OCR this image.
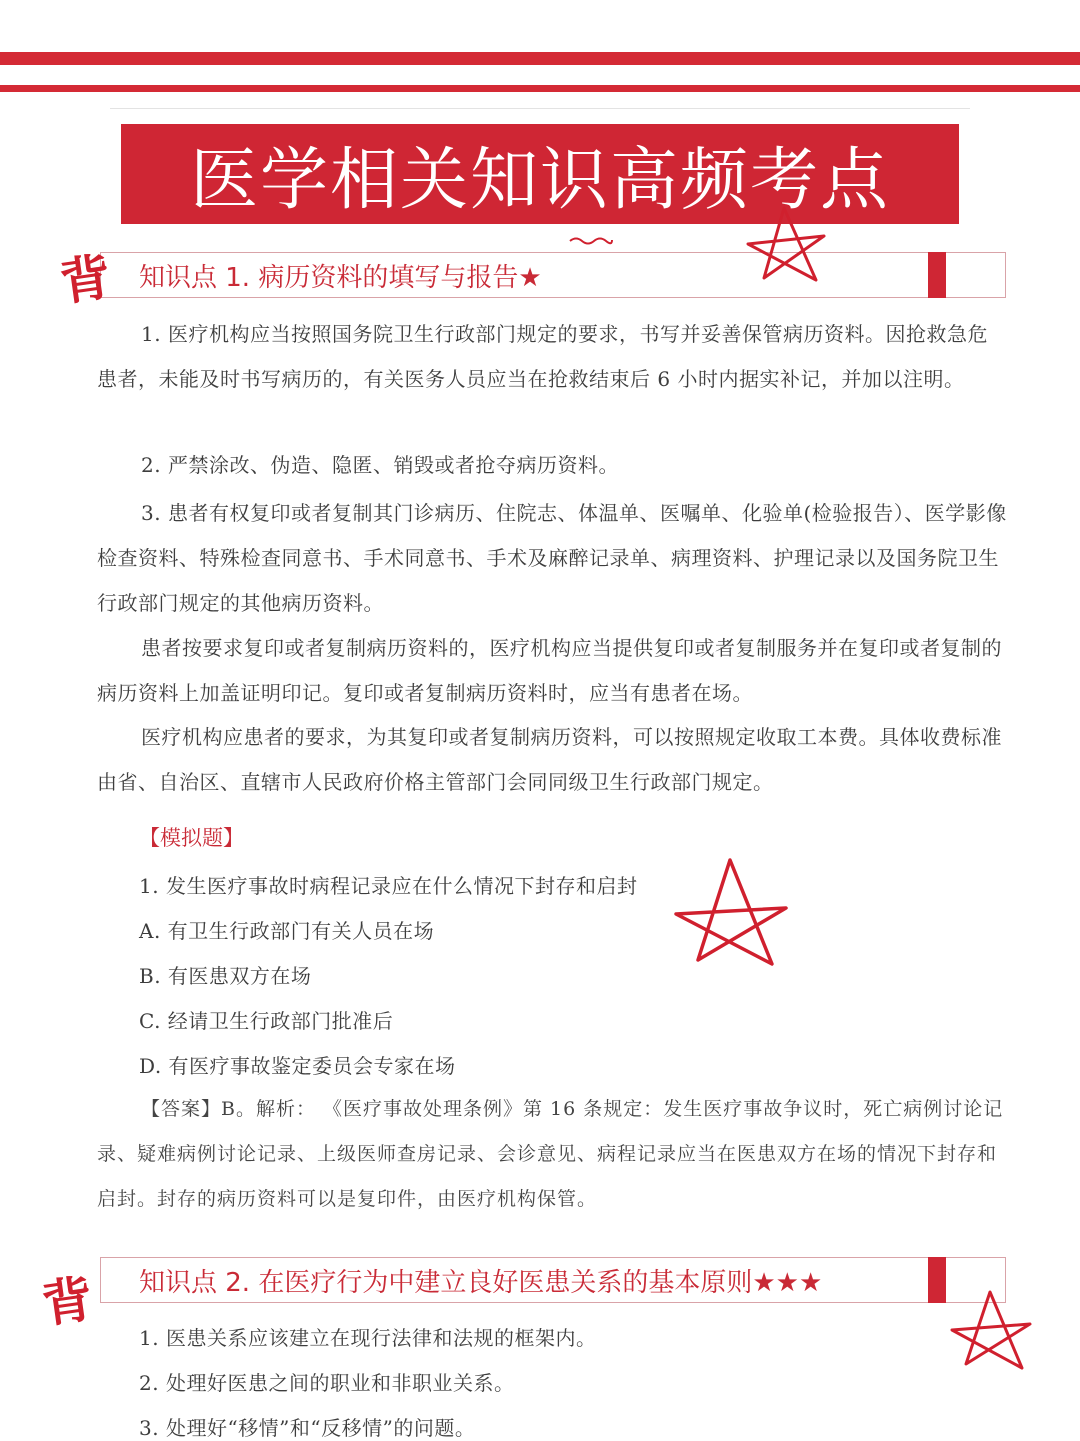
医学相关知识高频考点
知识点 1. 病历资料的填写与报告★
背
1. 医疗机构应当按照国务院卫生行政部门规定的要求，书写并妥善保管病历资料。因抢救急危患者，未能及时书写病历的，有关医务人员应当在抢救结束后 6 小时内据实补记，并加以注明。
2. 严禁涂改、伪造、隐匿、销毁或者抢夺病历资料。
3. 患者有权复印或者复制其门诊病历、住院志、体温单、医嘱单、化验单(检验报告）、医学影像检查资料、特殊检查同意书、手术同意书、手术及麻醉记录单、病理资料、护理记录以及国务院卫生行政部门规定的其他病历资料。
患者按要求复印或者复制病历资料的，医疗机构应当提供复印或者复制服务并在复印或者复制的病历资料上加盖证明印记。复印或者复制病历资料时，应当有患者在场。
医疗机构应患者的要求，为其复印或者复制病历资料，可以按照规定收取工本费。具体收费标准由省、自治区、直辖市人民政府价格主管部门会同同级卫生行政部门规定。
【模拟题】
1. 发生医疗事故时病程记录应在什么情况下封存和启封
A. 有卫生行政部门有关人员在场
B. 有医患双方在场
C. 经请卫生行政部门批准后
D. 有医疗事故鉴定委员会专家在场
【答案】B。解析： 《医疗事故处理条例》第 16 条规定：发生医疗事故争议时，死亡病例讨论记录、疑难病例讨论记录、上级医师查房记录、会诊意见、病程记录应当在医患双方在场的情况下封存和启封。封存的病历资料可以是复印件，由医疗机构保管。
知识点 2. 在医疗行为中建立良好医患关系的基本原则★★★
背
1. 医患关系应该建立在现行法律和法规的框架内。
2. 处理好医患之间的职业和非职业关系。
3. 处理好“移情”和“反移情”的问题。
